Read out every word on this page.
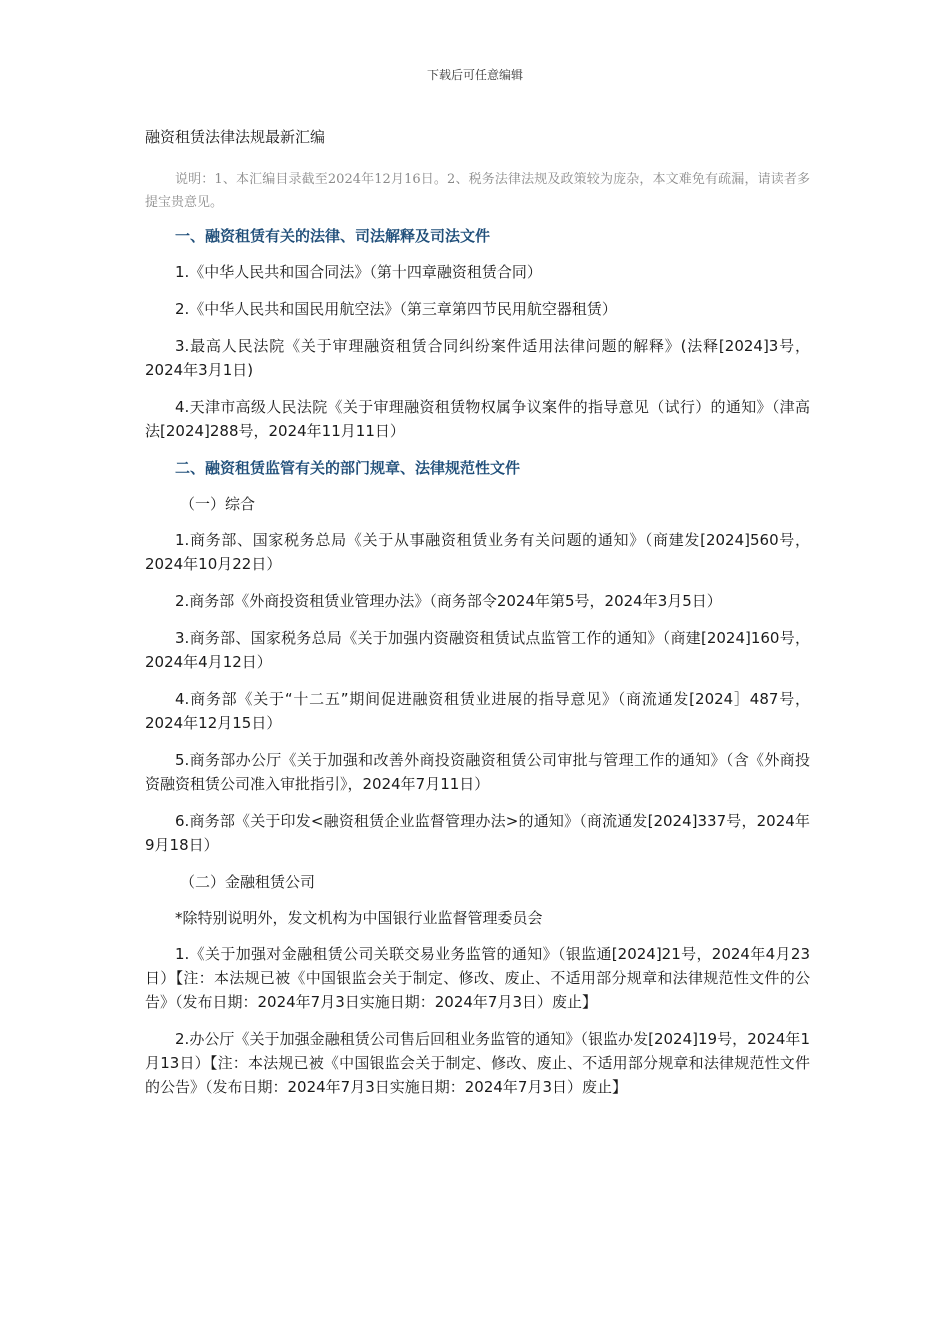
下载后可任意编辑
融资租赁法律法规最新汇编

说明：1、本汇编目录截至2024年12月16日。2、税务法律法规及政策较为庞杂，本文难免有疏漏，请读者多提宝贵意见。

一、融资租赁有关的法律、司法解释及司法文件

1.《中华人民共和国合同法》（第十四章融资租赁合同）

2.《中华人民共和国民用航空法》（第三章第四节民用航空器租赁）

3.最高人民法院《关于审理融资租赁合同纠纷案件适用法律问题的解释》(法释[2024]3号，2024年3月1日)

4.天津市高级人民法院《关于审理融资租赁物权属争议案件的指导意见（试行）的通知》（津高法[2024]288号，2024年11月11日）

二、融资租赁监管有关的部门规章、法律规范性文件
（一）综合

1.商务部、国家税务总局《关于从事融资租赁业务有关问题的通知》（商建发[2024]560号，2024年10月22日）

2.商务部《外商投资租赁业管理办法》（商务部令2024年第5号，2024年3月5日）

3.商务部、国家税务总局《关于加强内资融资租赁试点监管工作的通知》（商建[2024]160号，2024年4月12日）

4.商务部《关于“十二五”期间促进融资租赁业进展的指导意见》（商流通发[2024］487号，2024年12月15日）

5.商务部办公厅《关于加强和改善外商投资融资租赁公司审批与管理工作的通知》（含《外商投资融资租赁公司准入审批指引》，2024年7月11日）

6.商务部《关于印发<融资租赁企业监督管理办法>的通知》（商流通发[2024]337号，2024年9月18日）

（二）金融租赁公司
*除特别说明外，发文机构为中国银行业监督管理委员会

1.《关于加强对金融租赁公司关联交易业务监管的通知》（银监通[2024]21号，2024年4月23日）【注：本法规已被《中国银监会关于制定、修改、废止、不适用部分规章和法律规范性文件的公告》（发布日期：2024年7月3日实施日期：2024年7月3日）废止】

2.办公厅《关于加强金融租赁公司售后回租业务监管的通知》（银监办发[2024]19号，2024年1月13日）【注：本法规已被《中国银监会关于制定、修改、废止、不适用部分规章和法律规范性文件的公告》（发布日期：2024年7月3日实施日期：2024年7月3日）废止】
